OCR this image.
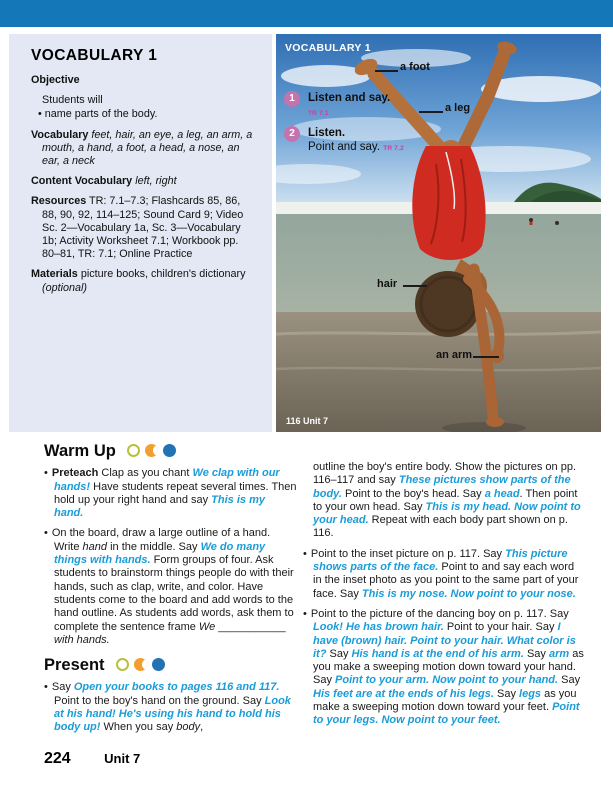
VOCABULARY 1

Objective

Students will

• name parts of the body.

Vocabulary feet, hair, an eye, a leg, an arm, a mouth, a hand, a foot, a head, a nose, an ear, a neck

Content Vocabulary left, right

Resources TR: 7.1–7.3; Flashcards 85, 86, 88, 90, 92, 114–125; Sound Card 9; Video Sc. 2—Vocabulary 1a, Sc. 3—Vocabulary 1b; Activity Worksheet 7.1; Workbook pp. 80–81, TR: 7.1; Online Practice

Materials picture books, children's dictionary (optional)

VOCABULARY 1
1	Listen and say.
TR 7.1
2	Listen.
Point and say. TR 7.2
a foot
a leg
hair
an arm
116 Unit 7
Warm Up
• Preteach Clap as you chant We clap with our hands! Have students repeat several times. Then hold up your right hand and say This is my hand.
• On the board, draw a large outline of a hand. Write hand in the middle. Say We do many things with hands. Form groups of four. Ask students to brainstorm things people do with their hands, such as clap, write, and color. Have students come to the board and add words to the hand outline. As students add words, ask them to complete the sentence frame We ___________ with hands.
Present
• Say Open your books to pages 116 and 117. Point to the boy's hand on the ground. Say Look at his hand! He's using his hand to hold his body up! When you say body,
outline the boy's entire body. Show the pictures on pp. 116–117 and say These pictures show parts of the body. Point to the boy's head. Say a head. Then point to your own head. Say This is my head. Now point to your head. Repeat with each body part shown on p. 116.
• Point to the inset picture on p. 117. Say This picture shows parts of the face. Point to and say each word in the inset photo as you point to the same part of your face. Say This is my nose. Now point to your nose.
• Point to the picture of the dancing boy on p. 117. Say Look! He has brown hair. Point to your hair. Say I have (brown) hair. Point to your hair. What color is it? Say His hand is at the end of his arm. Say arm as you make a sweeping motion down toward your hand. Say Point to your arm. Now point to your hand. Say His feet are at the ends of his legs. Say legs as you make a sweeping motion down toward your feet. Point to your legs. Now point to your feet.
224	Unit 7
